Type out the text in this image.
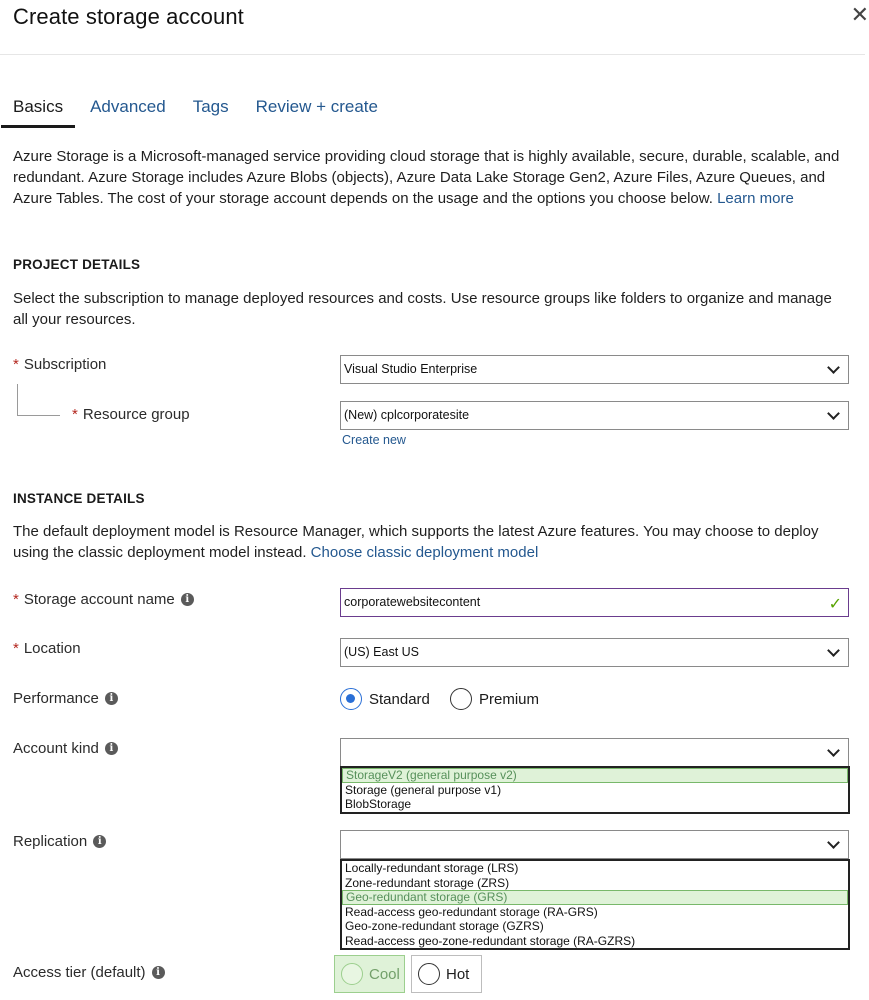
Create storage account	✕
Basics Advanced Tags Review + create
Azure Storage is a Microsoft-managed service providing cloud storage that is highly available, secure, durable, scalable, and redundant. Azure Storage includes Azure Blobs (objects), Azure Data Lake Storage Gen2, Azure Files, Azure Queues, and Azure Tables. The cost of your storage account depends on the usage and the options you choose below. Learn more
PROJECT DETAILS
Select the subscription to manage deployed resources and costs. Use resource groups like folders to organize and manage all your resources.
* Subscription	Visual Studio Enterprise
* Resource group	(New) cplcorporatesite
Create new
INSTANCE DETAILS
The default deployment model is Resource Manager, which supports the latest Azure features. You may choose to deploy using the classic deployment model instead. Choose classic deployment model
* Storage account name	i	corporatewebsitecontent	✓
* Location	(US) East US
Performance	i	Standard	Premium
Account kind	i
StorageV2 (general purpose v2)
Storage (general purpose v1)
BlobStorage
Replication	i
Locally-redundant storage (LRS)
Zone-redundant storage (ZRS)
Geo-redundant storage (GRS)
Read-access geo-redundant storage (RA-GRS)
Geo-zone-redundant storage (GZRS)
Read-access geo-zone-redundant storage (RA-GZRS)
Access tier (default)	i	Cool	Hot
